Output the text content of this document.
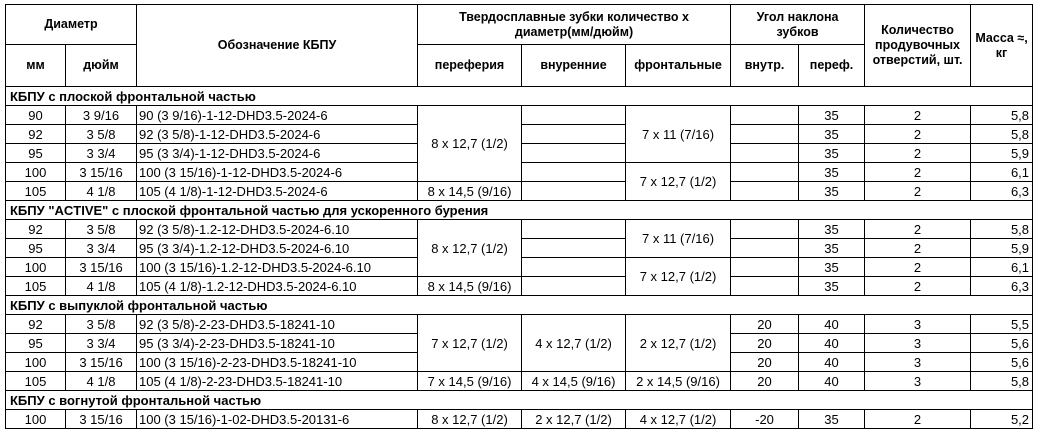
Диаметр		Обозначение КБПУ	Твердосплавные зубки количество х диаметр(мм/дюйм)			Угол наклона зубков		Количество продувочных отверстий, шт.	Масса ≈, кг
мм	дюйм		переферия	внуренние	фронтальные	внутр.	переф.		
КБПУ с плоской фронтальной частью									
90	3 9/16	90 (3 9/16)-1-12-DHD3.5-2024-6	8 х 12,7 (1/2)		7 х 11 (7/16)		35	2	5,8
92	3 5/8	92 (3 5/8)-1-12-DHD3.5-2024-6					35	2	5,8
95	3 3/4	95 (3 3/4)-1-12-DHD3.5-2024-6					35	2	5,9
100	3 15/16	100 (3 15/16)-1-12-DHD3.5-2024-6			7 х 12,7 (1/2)		35	2	6,1
105	4 1/8	105 (4 1/8)-1-12-DHD3.5-2024-6	8 х 14,5 (9/16)				35	2	6,3
КБПУ "ACTIVE" с плоской фронтальной частью для ускоренного бурения									
92	3 5/8	92 (3 5/8)-1.2-12-DHD3.5-2024-6.10	8 х 12,7 (1/2)		7 х 11 (7/16)		35	2	5,8
95	3 3/4	95 (3 3/4)-1.2-12-DHD3.5-2024-6.10					35	2	5,9
100	3 15/16	100 (3 15/16)-1.2-12-DHD3.5-2024-6.10			7 х 12,7 (1/2)		35	2	6,1
105	4 1/8	105 (4 1/8)-1.2-12-DHD3.5-2024-6.10	8 х 14,5 (9/16)				35	2	6,3
КБПУ с выпуклой фронтальной частью									
92	3 5/8	92 (3 5/8)-2-23-DHD3.5-18241-10	7 х 12,7 (1/2)	4 х 12,7 (1/2)	2 х 12,7 (1/2)	20	40	3	5,5
95	3 3/4	95 (3 3/4)-2-23-DHD3.5-18241-10				20	40	3	5,6
100	3 15/16	100 (3 15/16)-2-23-DHD3.5-18241-10				20	40	3	5,6
105	4 1/8	105 (4 1/8)-2-23-DHD3.5-18241-10	7 х 14,5 (9/16)	4 х 14,5 (9/16)	2 х 14,5 (9/16)	20	40	3	5,8
КБПУ с вогнутой фронтальной частью									
100	3 15/16	100 (3 15/16)-1-02-DHD3.5-20131-6	8 х 12,7 (1/2)	2 х 12,7 (1/2)	4 х 12,7 (1/2)	-20	35	2	5,2
